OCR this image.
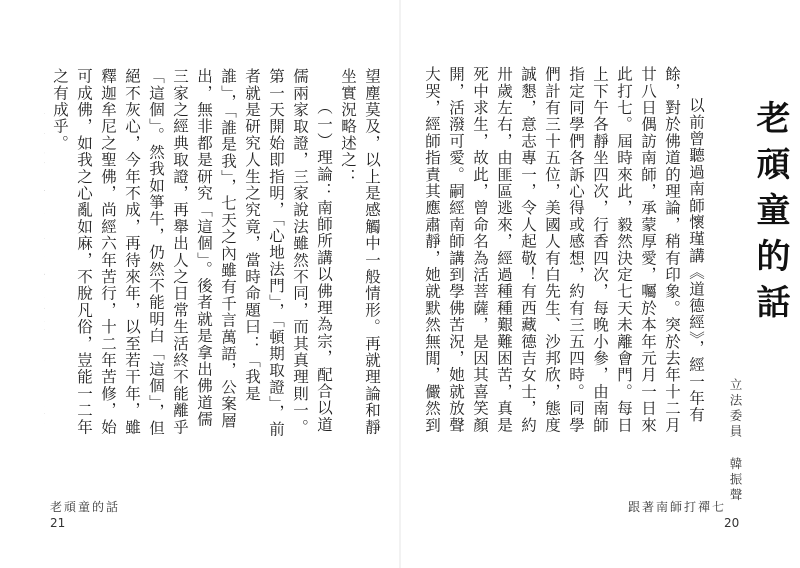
望塵莫及，以上是感觸中一般情形。再就理論和靜坐實況略述之：

（一）理論：南師所講以佛理為宗，配合以道儒兩家取證，三家說法雖然不同，而其真理則一。第一天開始即指明，「心地法門」，「頓期取證」，前者就是研究人生之究竟，當時命題曰：「我是誰」，「誰是我」，七天之內雖有千言萬語，公案層出，無非都是研究「這個」。後者就是拿出佛道儒三家之經典取證，再舉出人之日常生活終不能離乎「這個」。然我如箏牛，仍然不能明白「這個」，但絕不灰心，今年不成，再待來年，以至若干年，雖釋迦牟尼之聖佛，尚經六年苦行，十二年苦修，始可成佛，如我之心亂如麻，不脫凡俗，豈能一二年之有成乎。

老頑童的話
21
老頑童的話
立法委員 韓振聲

以前曾聽過南師懷瑾講《道德經》，經一年有餘，對於佛道的理論，稍有印象。突於去年十二月廿八日偶訪南師，承蒙厚愛，囑於本年元月一日來此打七。屆時來此，毅然決定七天未離會門。每日上下午各靜坐四次，行香四次，每晚小參，由南師指定同學們各訴心得或感想，約有三五四時。同學們計有三十五位，美國人有白先生、沙邦欣，態度誠懇，意志專一，令人起敬！有西藏德吉女士，約卅歲左右，由匪區逃來，經過種種艱難困苦，真是死中求生，故此，曾命名為活菩薩，是因其喜笑顏開，活潑可愛。嗣經南師講到學佛苦況，她就放聲大哭，經師指責其應肅靜，她就默然無閒，儼然到

跟著南師打禪七
20
